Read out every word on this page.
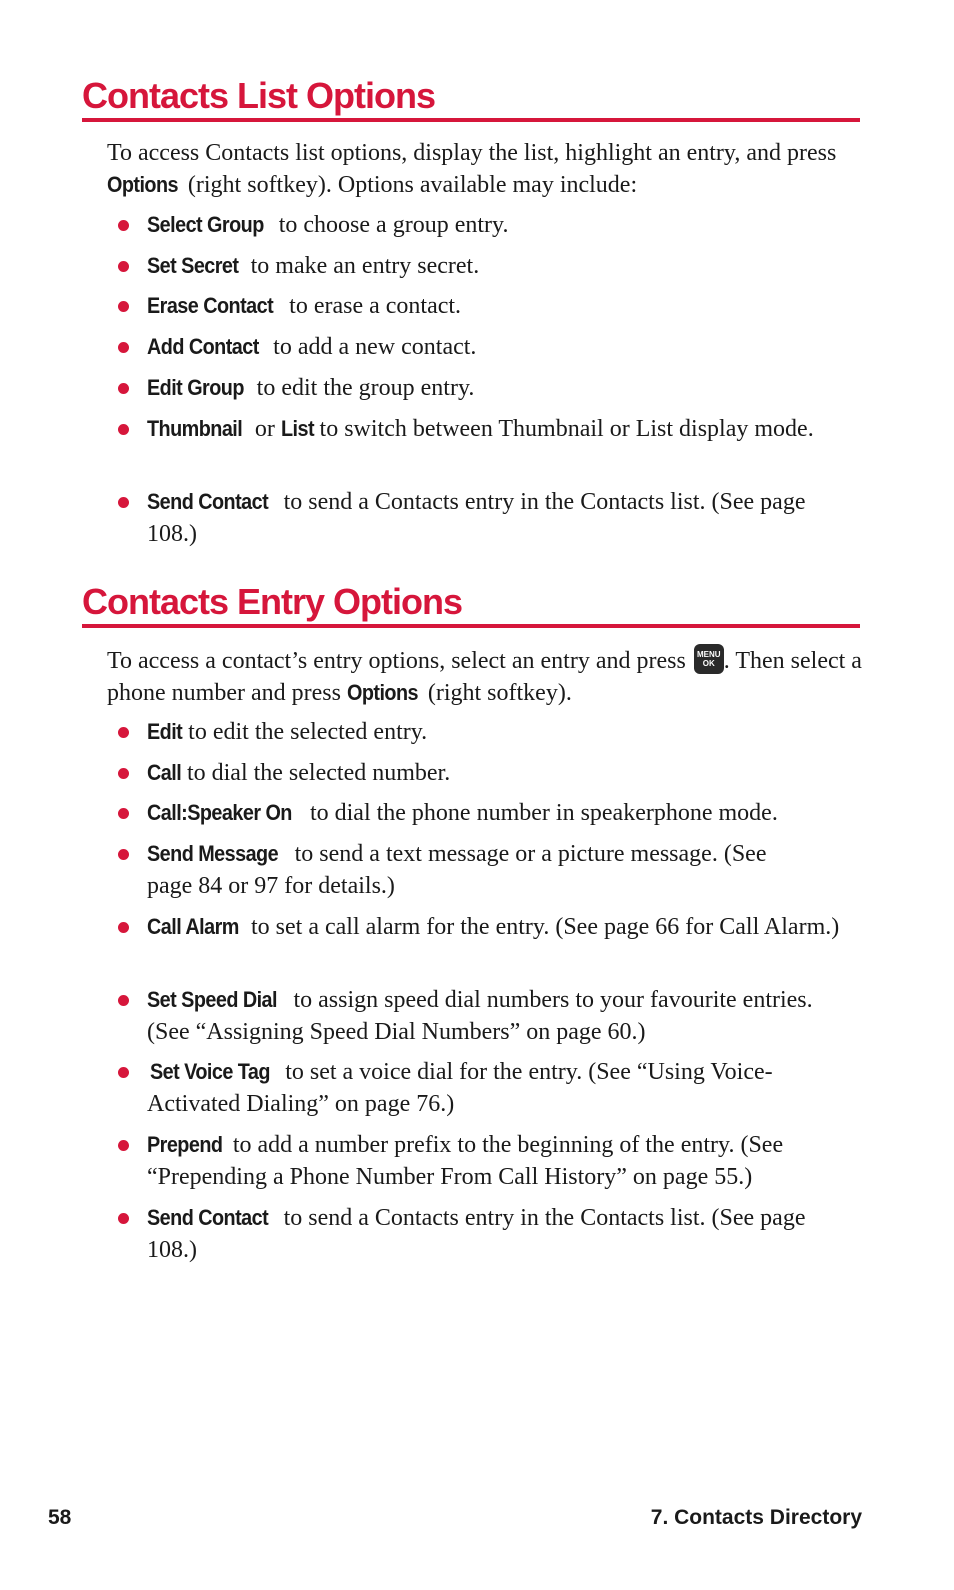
Contacts List Options

To access Contacts list options, display the list, highlight an entry, and press Options (right softkey). Options available may include:

Select Group to choose a group entry.
Set Secret to make an entry secret.
Erase Contact to erase a contact.
Add Contact to add a new contact.
Edit Group to edit the group entry.
Thumbnail or List to switch between Thumbnail or List display mode.
Send Contact to send a Contacts entry in the Contacts list. (See page 108.)
Contacts Entry Options

To access a contact’s entry options, select an entry and press MENU
OK . Then select a phone number and press Options (right softkey).

Edit to edit the selected entry.
Call to dial the selected number.
Call:Speaker On to dial the phone number in speakerphone mode.
Send Message to send a text message or a picture message. (See page 84 or 97 for details.)
Call Alarm to set a call alarm for the entry. (See page 66 for Call Alarm.)
Set Speed Dial to assign speed dial numbers to your favourite entries. (See “Assigning Speed Dial Numbers” on page 60.)
Set Voice Tag to set a voice dial for the entry. (See “Using Voice-Activated Dialing” on page 76.)
Prepend to add a number prefix to the beginning of the entry. (See “Prepending a Phone Number From Call History” on page 55.)
Send Contact to send a Contacts entry in the Contacts list. (See page 108.)
58	7. Contacts Directory
